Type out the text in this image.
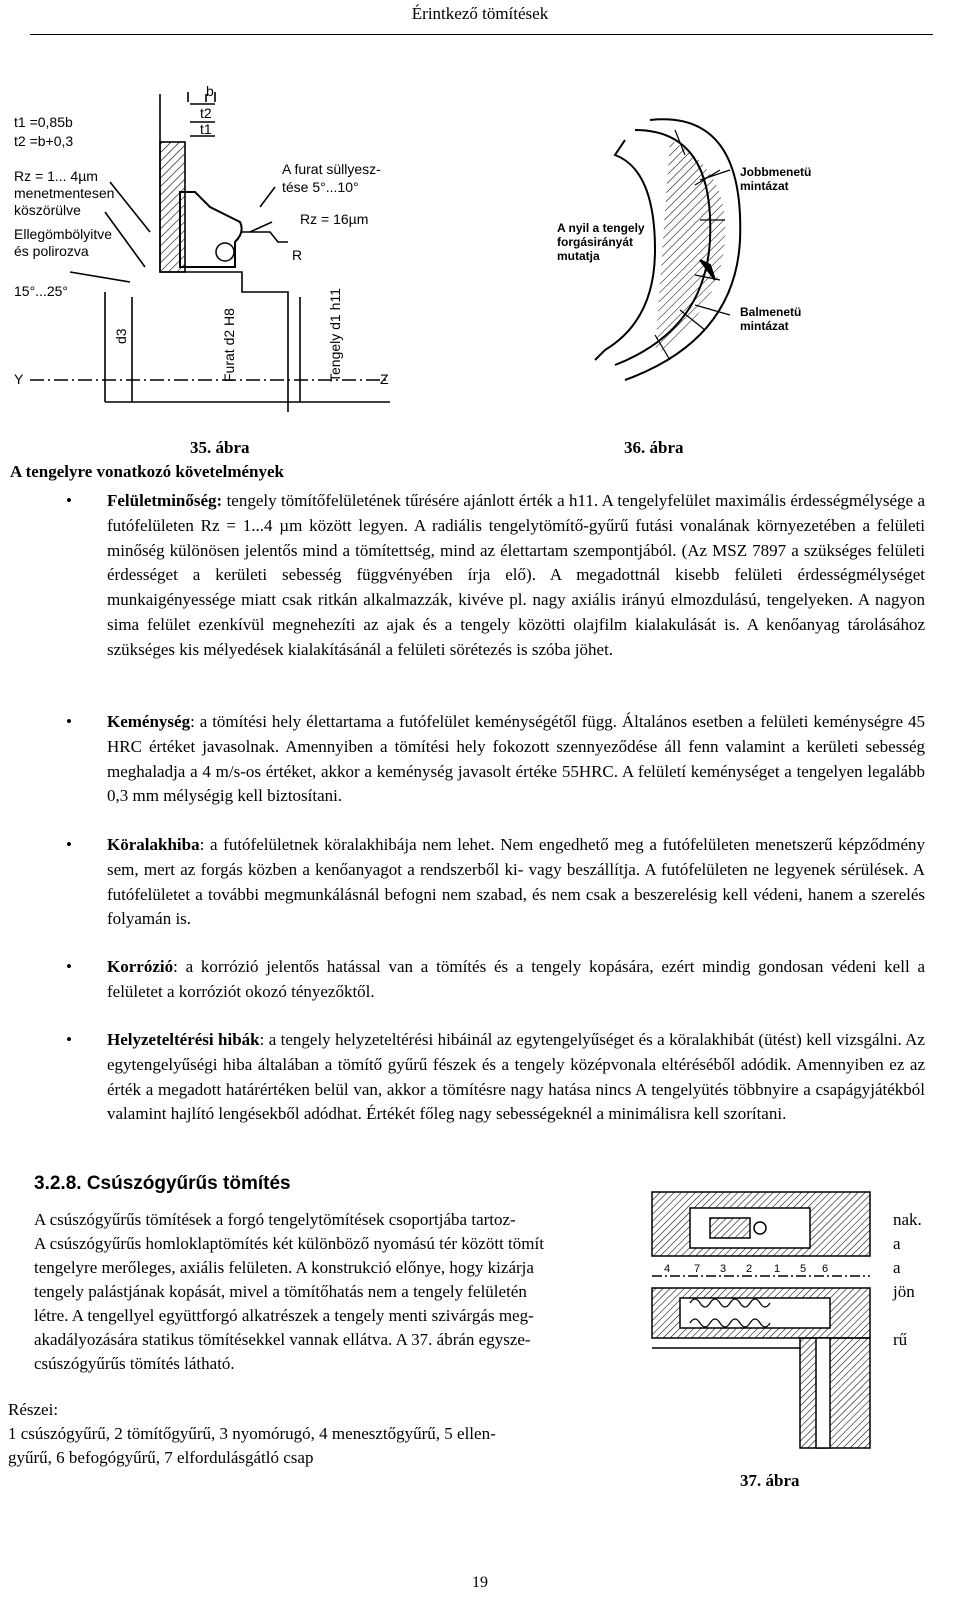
Érintkező tömítések
b
t2
t1
t1 =0,85b
t2 =b+0,3
Rz = 1... 4µm
menetmentesen
köszörülve
Ellegömbölyitve
és polirozva
A furat süllyesz-
tése 5°...10°
Rz = 16µm
R
15°...25°
Y	Z
d3	Furat d2 H8	Tengely d1 h11
35. ábra
Jobbmenetü
mintázat
A nyil a tengely
forgásirányát
mutatja
Balmenetü
mintázat
36. ábra
A tengelyre vonatkozó követelmények
• Felületminőség: tengely tömítőfelületének tűrésére ajánlott érték a h11. A tengelyfelület maximális érdességmélysége a futófelületen Rz = 1...4 µm között legyen. A radiális tengelytömítő-gyűrű futási vonalának környezetében a felületi minőség különösen jelentős mind a tömítettség, mind az élettartam szempontjából. (Az MSZ 7897 a szükséges felületi érdességet a kerületi sebesség függvényében írja elő). A megadottnál kisebb felületi érdességmélységet munkaigényessége miatt csak ritkán alkalmazzák, kivéve pl. nagy axiális irányú elmozdulású, tengelyeken. A nagyon sima felület ezenkívül megnehezíti az ajak és a tengely közötti olajfilm kialakulását is. A kenőanyag tárolásához szükséges kis mélyedések kialakításánál a felületi sörétezés is szóba jöhet.
• Keménység: a tömítési hely élettartama a futófelület keménységétől függ. Általános esetben a felületi keménységre 45 HRC értéket javasolnak. Amennyiben a tömítési hely fokozott szennyeződése áll fenn valamint a kerületi sebesség meghaladja a 4 m/s-os értéket, akkor a keménység javasolt értéke 55HRC. A felületí keménységet a tengelyen legalább 0,3 mm mélységig kell biztosítani.
• Köralakhiba: a futófelületnek köralakhibája nem lehet. Nem engedhető meg a futófelületen menetszerű képződmény sem, mert az forgás közben a kenőanyagot a rendszerből ki- vagy beszállítja. A futófelületen ne legyenek sérülések. A futófelületet a további megmunkálásnál befogni nem szabad, és nem csak a beszerelésig kell védeni, hanem a szerelés folyamán is.
• Korrózió: a korrózió jelentős hatással van a tömítés és a tengely kopására, ezért mindig gondosan védeni kell a felületet a korróziót okozó tényezőktől.
• Helyzeteltérési hibák: a tengely helyzeteltérési hibáinál az egytengelyűséget és a köralakhibát (ütést) kell vizsgálni. Az egytengelyűségi hiba általában a tömítő gyűrű fészek és a tengely középvonala eltéréséből adódik. Amennyiben ez az érték a megadott határértéken belül van, akkor a tömítésre nagy hatása nincs A tengelyütés többnyire a csapágyjátékból valamint hajlító lengésekből adódhat. Értékét főleg nagy sebességeknél a minimálisra kell szorítani.
3.2.8. Csúszógyűrűs tömítés
A csúszógyűrűs tömítések a forgó tengelytömítések csoportjába tartoz-
A csúszógyűrűs homloklaptömítés két különböző nyomású tér között tömít
tengelyre merőleges, axiális felületen. A konstrukció előnye, hogy kizárja
tengely palástjának kopását, mivel a tömítőhatás nem a tengely felületén
létre. A tengellyel együttforgó alkatrészek a tengely menti szivárgás meg-
akadályozására statikus tömítésekkel vannak ellátva. A 37. ábrán egysze-
csúszógyűrűs tömítés látható.
nak.
a
a
jön
rű
Részei:
1 csúszógyűrű, 2 tömítőgyűrű, 3 nyomórugó, 4 menesztőgyűrű, 5 ellen-
gyűrű, 6 befogógyűrű, 7 elfordulásgátló csap
4 7 3 2 1 5 6
37. ábra
19
